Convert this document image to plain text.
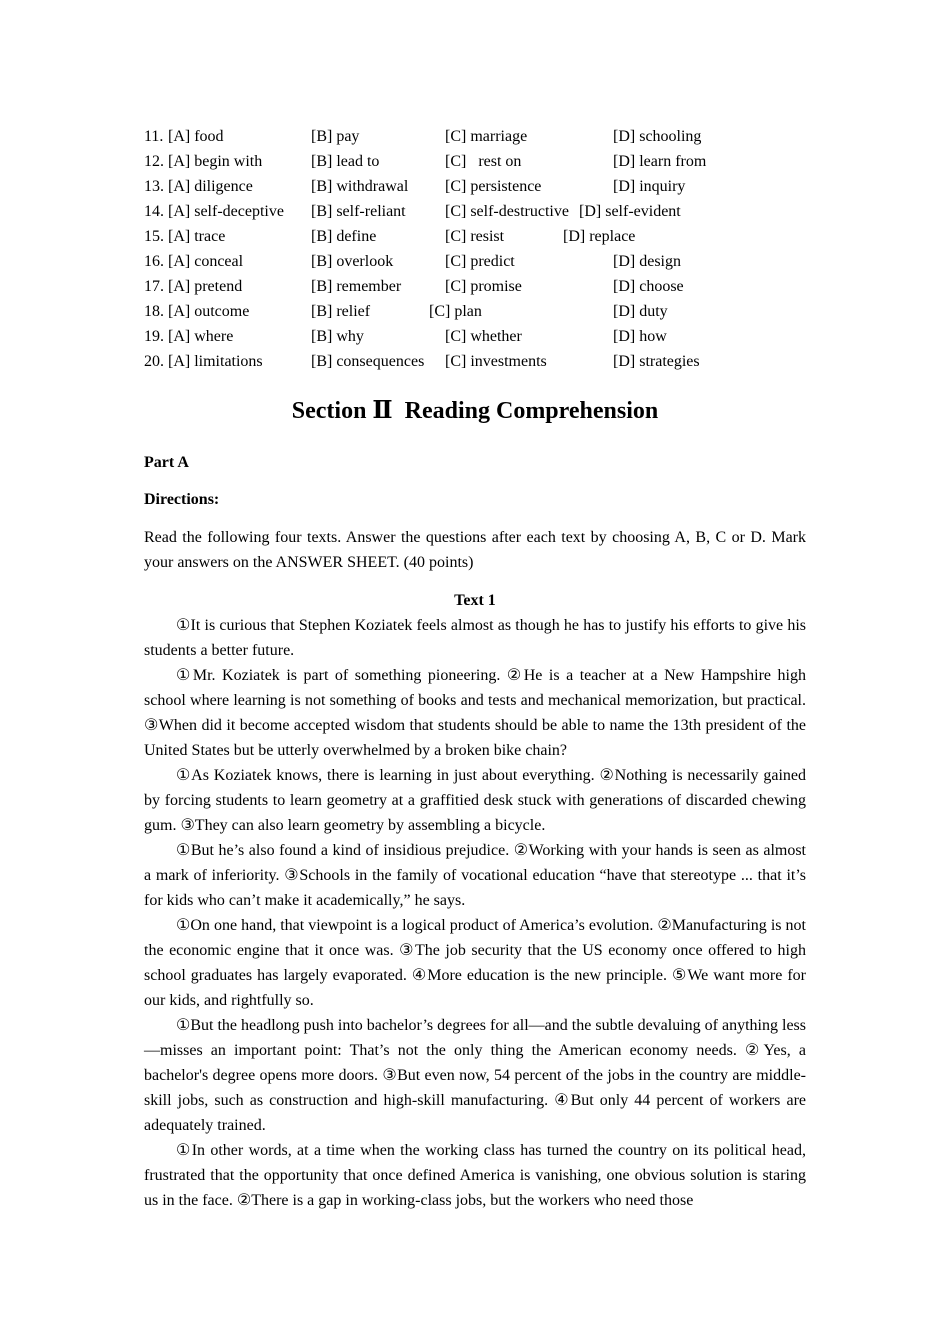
11. [A] food	[B] pay	[C] marriage	[D] schooling
12. [A] begin with	[B] lead to	[C]   rest on	[D] learn from
13. [A] diligence	[B] withdrawal [C] persistence	[D] inquiry
14. [A] self-deceptive [B] self-reliant [C] self-destructive [D] self-evident
15. [A] trace	[B] define	[C] resist	[D] replace
16. [A] conceal	[B] overlook	[C] predict	[D] design
17. [A] pretend	[B] remember	[C] promise	[D] choose
18. [A] outcome	[B] relief	[C] plan	[D] duty
19. [A] where	[B] why	[C] whether	[D] how
20. [A] limitations	[B] consequences [C] investments	[D] strategies
Section Ⅱ  Reading Comprehension
Part A
Directions:
Read the following four texts. Answer the questions after each text by choosing A, B, C or D. Mark your answers on the ANSWER SHEET. (40 points)
Text 1

①It is curious that Stephen Koziatek feels almost as though he has to justify his efforts to give his students a better future.

①Mr. Koziatek is part of something pioneering. ②He is a teacher at a New Hampshire high school where learning is not something of books and tests and mechanical memorization, but practical. ③When did it become accepted wisdom that students should be able to name the 13th president of the United States but be utterly overwhelmed by a broken bike chain?

①As Koziatek knows, there is learning in just about everything. ②Nothing is necessarily gained by forcing students to learn geometry at a graffitied desk stuck with generations of discarded chewing gum. ③They can also learn geometry by assembling a bicycle.

①But he’s also found a kind of insidious prejudice. ②Working with your hands is seen as almost a mark of inferiority. ③Schools in the family of vocational education “have that stereotype ... that it’s for kids who can’t make it academically,” he says.

①On one hand, that viewpoint is a logical product of America’s evolution. ②Manufacturing is not the economic engine that it once was. ③The job security that the US economy once offered to high school graduates has largely evaporated. ④More education is the new principle. ⑤We want more for our kids, and rightfully so.

①But the headlong push into bachelor’s degrees for all—and the subtle devaluing of anything less—misses an important point: That’s not the only thing the American economy needs. ②Yes, a bachelor's degree opens more doors. ③But even now, 54 percent of the jobs in the country are middle-skill jobs, such as construction and high-skill manufacturing. ④But only 44 percent of workers are adequately trained.

①In other words, at a time when the working class has turned the country on its political head, frustrated that the opportunity that once defined America is vanishing, one obvious solution is staring us in the face. ②There is a gap in working-class jobs, but the workers who need those
